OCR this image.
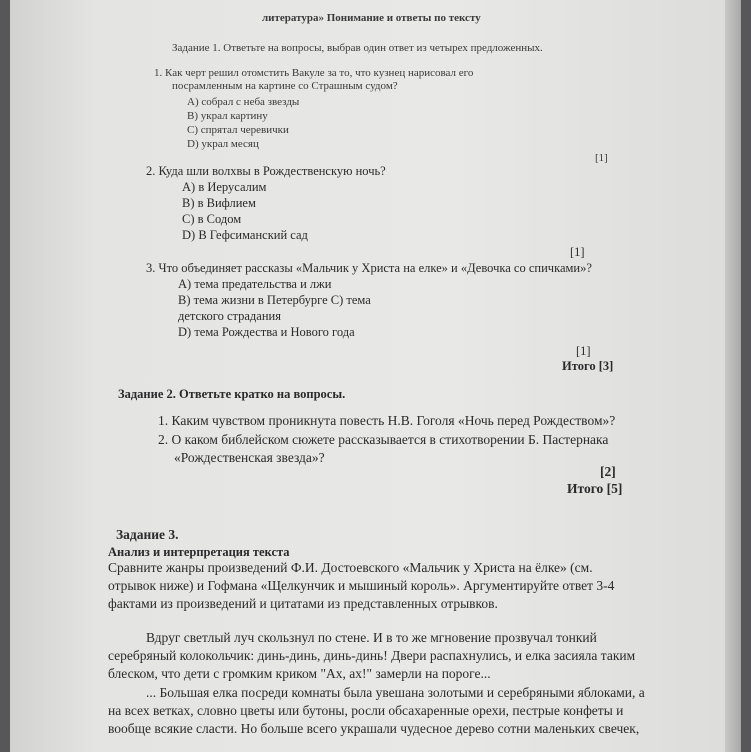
литература» Понимание и ответы по тексту
Задание 1. Ответьте на вопросы, выбрав один ответ из четырех предложенных.
1. Как черт решил отомстить Вакуле за то, что кузнец нарисовал его
посрамленным на картине со Страшным судом?
A) собрал с неба звезды
B) украл картину
C) спрятал черевички
D) украл месяц
[1]
2. Куда шли волхвы в Рождественскую ночь?
A) в Иерусалим
B) в Вифлием
C) в Содом
D) В Гефсиманский сад
[1]
3. Что объединяет рассказы «Мальчик у Христа на елке» и «Девочка со спичками»?
A) тема предательства и лжи
B) тема жизни в Петербурге C) тема
детского страдания
D) тема Рождества и Нового года
[1]
Итого [3]
Задание 2. Ответьте кратко на вопросы.
1. Каким чувством проникнута повесть Н.В. Гоголя «Ночь перед Рождеством»?
2. О каком библейском сюжете рассказывается в стихотворении Б. Пастернака
«Рождественская звезда»?
[2]
Итого [5]
Задание 3.
Анализ и интерпретация текста
Сравните жанры произведений Ф.И. Достоевского «Мальчик у Христа на ёлке» (см.
отрывок ниже) и Гофмана «Щелкунчик и мышиный король». Аргументируйте ответ 3-4
фактами из произведений и цитатами из представленных отрывков.
Вдруг светлый луч скользнул по стене. И в то же мгновение прозвучал тонкий
серебряный колокольчик: динь-динь, динь-динь! Двери распахнулись, и елка засияла таким
блеском, что дети с громким криком "Ах, ах!" замерли на пороге...
... Большая елка посреди комнаты была увешана золотыми и серебряными яблоками, а
на всех ветках, словно цветы или бутоны, росли обсахаренные орехи, пестрые конфеты и
вообще всякие сласти. Но больше всего украшали чудесное дерево сотни маленьких свечек,
